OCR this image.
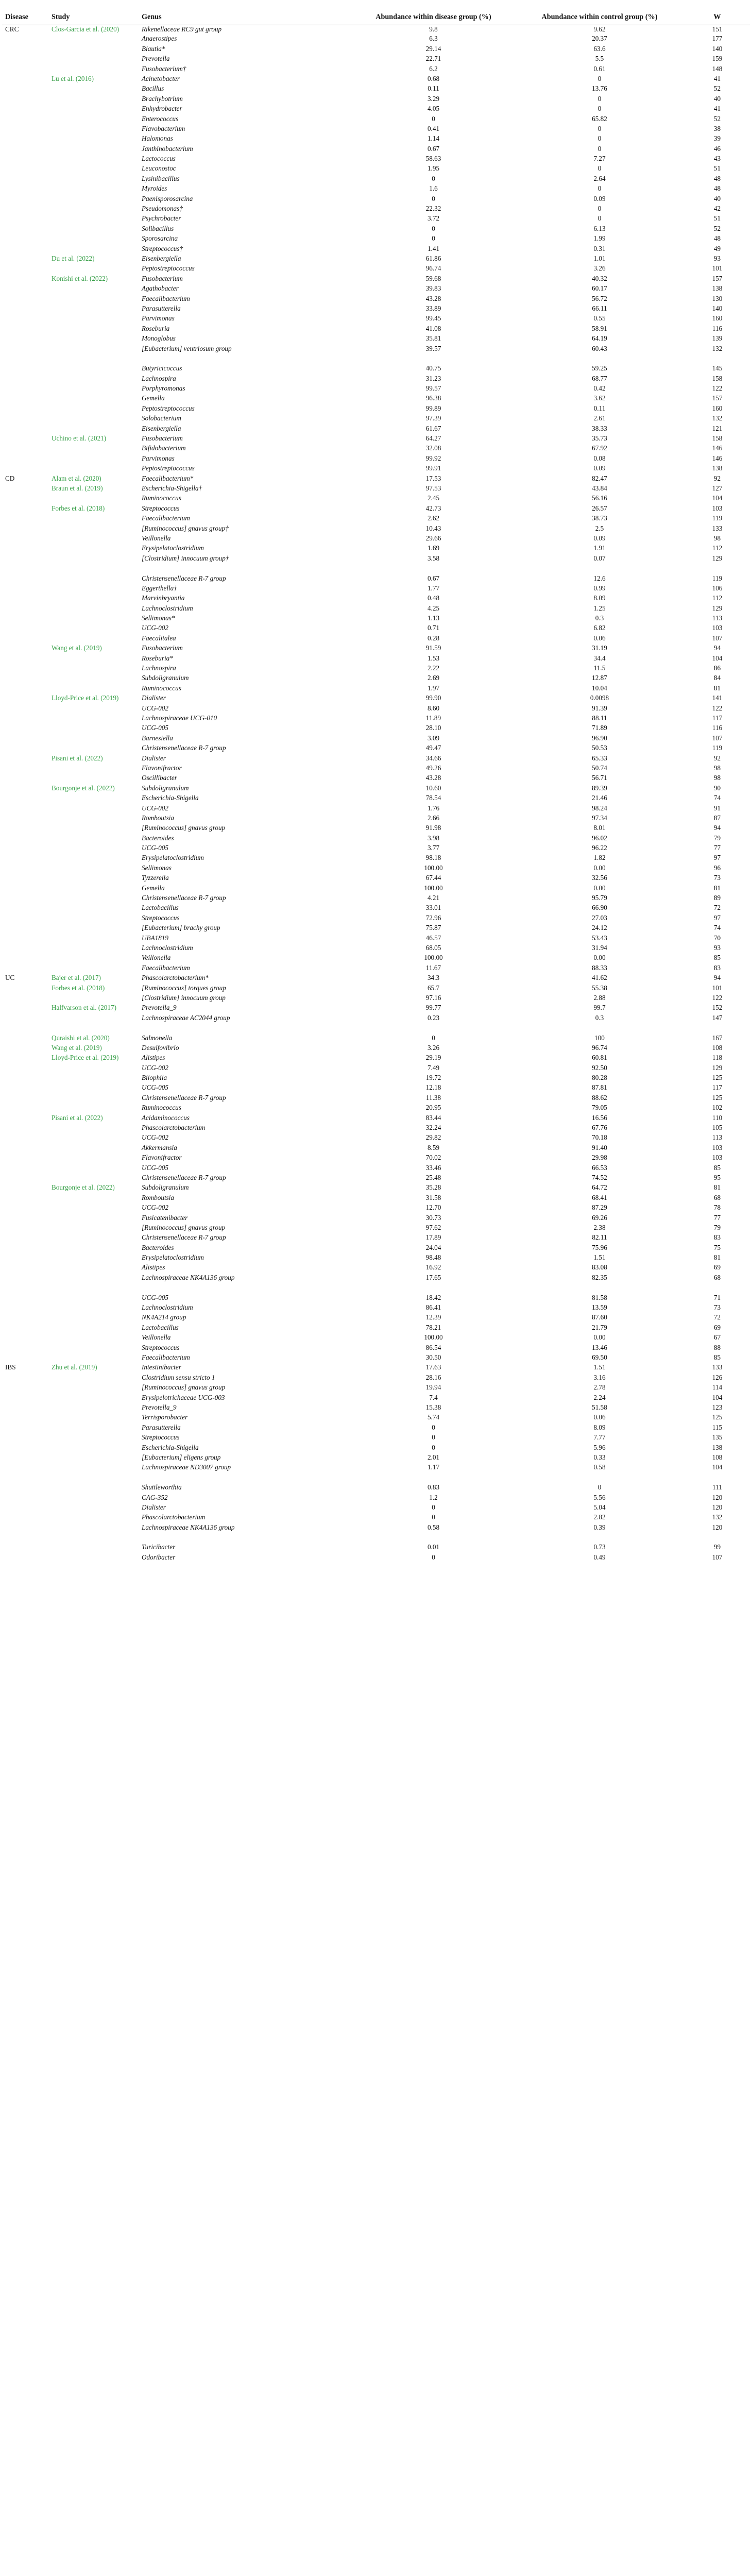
Disease	Study	Genus	Abundance within disease group (%)	Abundance within control group (%)	W
CRC	Clos-Garcia et al. (2020)	Rikenellaceae RC9 gut group	9.8	9.62	151
		Anaerostipes	6.3	20.37	177
		Blautia*	29.14	63.6	140
		Prevotella	22.71	5.5	159
		Fusobacterium†	6.2	0.61	148
	Lu et al. (2016)	Acinetobacter	0.68	0	41
		Bacillus	0.11	13.76	52
		Brachybotrium	3.29	0	40
		Enhydrobacter	4.05	0	41
		Enterococcus	0	65.82	52
		Flavobacterium	0.41	0	38
		Halomonas	1.14	0	39
		Janthinobacterium	0.67	0	46
		Lactococcus	58.63	7.27	43
		Leuconostoc	1.95	0	51
		Lysinibacillus	0	2.64	48
		Myroides	1.6	0	48
		Paenisporosarcina	0	0.09	40
		Pseudomonas†	22.32	0	42
		Psychrobacter	3.72	0	51
		Solibacillus	0	6.13	52
		Sporosarcina	0	1.99	48
		Streptococcus†	1.41	0.31	49
	Du et al. (2022)	Eisenbergiella	61.86	1.01	93
		Peptostreptococcus	96.74	3.26	101
	Konishi et al. (2022)	Fusobacterium	59.68	40.32	157
		Agathobacter	39.83	60.17	138
		Faecalibacterium	43.28	56.72	130
		Parasutterella	33.89	66.11	140
		Parvimonas	99.45	0.55	160
		Roseburia	41.08	58.91	116
		Monoglobus	35.81	64.19	139
		[Eubacterium] ventriosum group	39.57	60.43	132
		Butyricicoccus	40.75	59.25	145
		Lachnospira	31.23	68.77	158
		Porphyromonas	99.57	0.42	122
		Gemella	96.38	3.62	157
		Peptostreptococcus	99.89	0.11	160
		Solobacterium	97.39	2.61	132
		Eisenbergiella	61.67	38.33	121
	Uchino et al. (2021)	Fusobacterium	64.27	35.73	158
		Bifidobacterium	32.08	67.92	146
		Parvimonas	99.92	0.08	146
		Peptostreptococcus	99.91	0.09	138
CD	Alam et al. (2020)	Faecalibacterium*	17.53	82.47	92
	Braun et al. (2019)	Escherichia-Shigella†	97.53	43.84	127
		Ruminococcus	2.45	56.16	104
	Forbes et al. (2018)	Streptococcus	42.73	26.57	103
		Faecalibacterium	2.62	38.73	119
		[Ruminococcus] gnavus group†	10.43	2.5	133
		Veillonella	29.66	0.09	98
		Erysipelatoclostridium	1.69	1.91	112
		[Clostridium] innocuum group†	3.58	0.07	129
		Christensenellaceae R-7 group	0.67	12.6	119
		Eggerthella†	1.77	0.99	106
		Marvinbryantia	0.48	8.09	112
		Lachnoclostridium	4.25	1.25	129
		Sellimonas*	1.13	0.3	113
		UCG-002	0.71	6.82	103
		Faecalitalea	0.28	0.06	107
	Wang et al. (2019)	Fusobacterium	91.59	31.19	94
		Roseburia*	1.53	34.4	104
		Lachnospira	2.22	11.5	86
		Subdoligranulum	2.69	12.87	84
		Ruminococcus	1.97	10.04	81
	Lloyd-Price et al. (2019)	Dialister	99.90	0.0098	141
		UCG-002	8.60	91.39	122
		Lachnospiraceae UCG-010	11.89	88.11	117
		UCG-005	28.10	71.89	116
		Barnesiella	3.09	96.90	107
		Christensenellaceae R-7 group	49.47	50.53	119
	Pisani et al. (2022)	Dialister	34.66	65.33	92
		Flavonifractor	49.26	50.74	98
		Oscillibacter	43.28	56.71	98
	Bourgonje et al. (2022)	Subdoligranulum	10.60	89.39	90
		Escherichia-Shigella	78.54	21.46	74
		UCG-002	1.76	98.24	91
		Romboutsia	2.66	97.34	87
		[Ruminococcus] gnavus group	91.98	8.01	94
		Bacteroides	3.98	96.02	79
		UCG-005	3.77	96.22	77
		Erysipelatoclostridium	98.18	1.82	97
		Sellimonas	100.00	0.00	96
		Tyzzerella	67.44	32.56	73
		Gemella	100.00	0.00	81
		Christensenellaceae R-7 group	4.21	95.79	89
		Lactobacillus	33.01	66.90	72
		Streptococcus	72.96	27.03	97
		[Eubacterium] brachy group	75.87	24.12	74
		UBA1819	46.57	53.43	70
		Lachnoclostridium	68.05	31.94	93
		Veillonella	100.00	0.00	85
		Faecalibacterium	11.67	88.33	83
UC	Bajer et al. (2017)	Phascolarctobacterium*	34.3	41.62	94
	Forbes et al. (2018)	[Ruminococcus] torques group	65.7	55.38	101
		[Clostridium] innocuum group	97.16	2.88	122
	Halfvarson et al. (2017)	Prevotella_9	99.77	99.7	152
		Lachnospiraceae AC2044 group	0.23	0.3	147
	Quraishi et al. (2020)	Salmonella	0	100	167
	Wang et al. (2019)	Desulfovibrio	3.26	96.74	108
	Lloyd-Price et al. (2019)	Alistipes	29.19	60.81	118
		UCG-002	7.49	92.50	129
		Bilophila	19.72	80.28	125
		UCG-005	12.18	87.81	117
		Christensenellaceae R-7 group	11.38	88.62	125
		Ruminococcus	20.95	79.05	102
	Pisani et al. (2022)	Acidaminococcus	83.44	16.56	110
		Phascolarctobacterium	32.24	67.76	105
		UCG-002	29.82	70.18	113
		Akkermansia	8.59	91.40	103
		Flavonifractor	70.02	29.98	103
		UCG-005	33.46	66.53	85
		Christensenellaceae R-7 group	25.48	74.52	95
	Bourgonje et al. (2022)	Subdoligranulum	35.28	64.72	81
		Romboutsia	31.58	68.41	68
		UCG-002	12.70	87.29	78
		Fusicatenibacter	30.73	69.26	77
		[Ruminococcus] gnavus group	97.62	2.38	79
		Christensenellaceae R-7 group	17.89	82.11	83
		Bacteroides	24.04	75.96	75
		Erysipelatoclostridium	98.48	1.51	81
		Alistipes	16.92	83.08	69
		Lachnospiraceae NK4A136 group	17.65	82.35	68
		UCG-005	18.42	81.58	71
		Lachnoclostridium	86.41	13.59	73
		NK4A214 group	12.39	87.60	72
		Lactobacillus	78.21	21.79	69
		Veillonella	100.00	0.00	67
		Streptococcus	86.54	13.46	88
		Faecalibacterium	30.50	69.50	85
IBS	Zhu et al. (2019)	Intestinibacter	17.63	1.51	133
		Clostridium sensu stricto 1	28.16	3.16	126
		[Ruminococcus] gnavus group	19.94	2.78	114
		Erysipelotrichaceae UCG-003	7.4	2.24	104
		Prevotella_9	15.38	51.58	123
		Terrisporobacter	5.74	0.06	125
		Parasutterella	0	8.09	115
		Streptococcus	0	7.77	135
		Escherichia-Shigella	0	5.96	138
		[Eubacterium] eligens group	2.01	0.33	108
		Lachnospiraceae ND3007 group	1.17	0.58	104
		Shuttleworthia	0.83	0	111
		CAG-352	1.2	5.56	120
		Dialister	0	5.04	120
		Phascolarctobacterium	0	2.82	132
		Lachnospiraceae NK4A136 group	0.58	0.39	120
		Turicibacter	0.01	0.73	99
		Odoribacter	0	0.49	107
